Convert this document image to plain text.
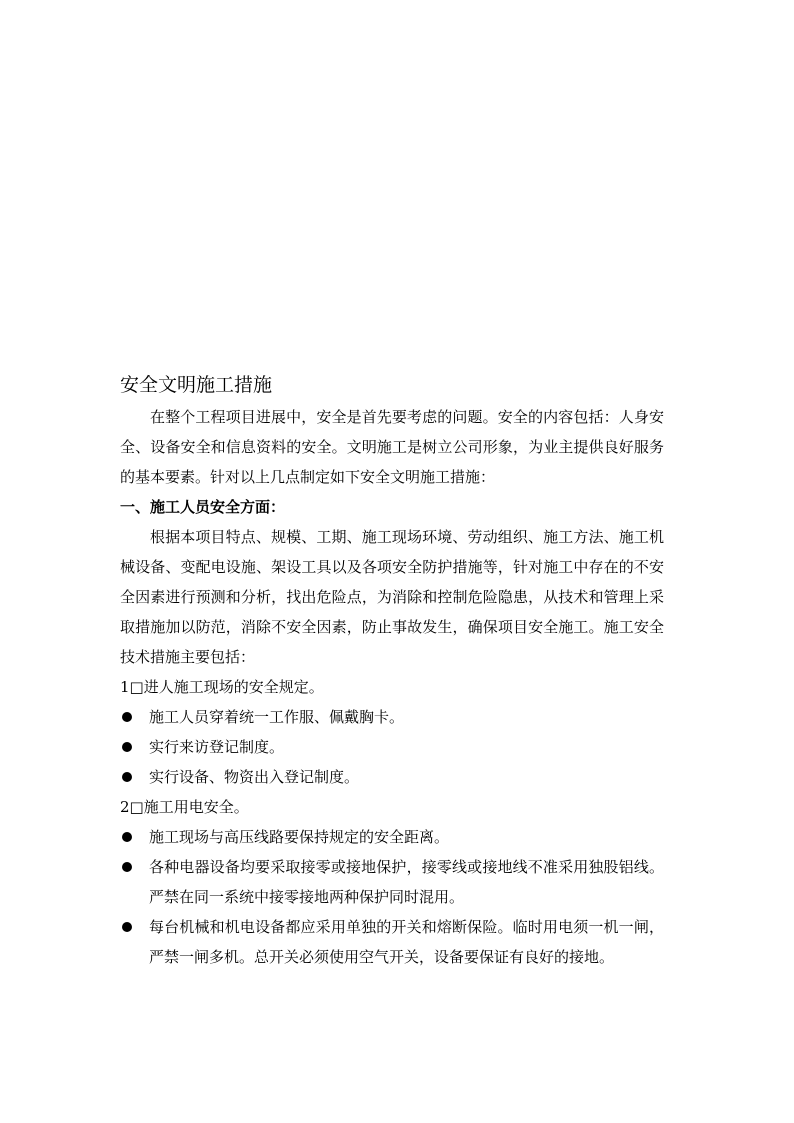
安全文明施工措施

在整个工程项目进展中，安全是首先要考虑的问题。安全的内容包括：人身安全、设备安全和信息资料的安全。文明施工是树立公司形象，为业主提供良好服务的基本要素。针对以上几点制定如下安全文明施工措施：

一、施工人员安全方面：

根据本项目特点、规模、工期、施工现场环境、劳动组织、施工方法、施工机械设备、变配电设施、架设工具以及各项安全防护措施等，针对施工中存在的不安全因素进行预测和分析，找出危险点，为消除和控制危险隐患，从技术和管理上采取措施加以防范，消除不安全因素，防止事故发生，确保项目安全施工。施工安全技术措施主要包括：

1□进人施工现场的安全规定。

施工人员穿着统一工作服、佩戴胸卡。
实行来访登记制度。
实行设备、物资出入登记制度。

2□施工用电安全。

施工现场与高压线路要保持规定的安全距离。
各种电器设备均要采取接零或接地保护，接零线或接地线不准采用独股铝线。严禁在同一系统中接零接地两种保护同时混用。
每台机械和机电设备都应采用单独的开关和熔断保险。临时用电须一机一闸，严禁一闸多机。总开关必须使用空气开关，设备要保证有良好的接地。
